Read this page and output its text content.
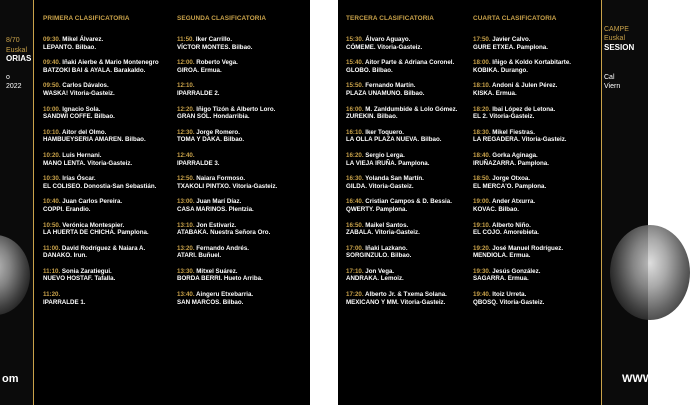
8/70
Euskal
ORIAS
o
2022
om
PRIMERA CLASIFICATORIA
09:30. Mikel Álvarez.
LEPANTO. Bilbao.
09:40. Iñaki Aierbe & Mario Montenegro
BATZOKI BAI & AYALA. Barakaldo.
09:50. Carlos Dávalos.
WASKA! Vitoria-Gasteiz.
10:00. Ignacio Sola.
SANDWI COFFE. Bilbao.
10:10. Aitor del Olmo.
HAMBUEYSERIA AMAREN. Bilbao.
10:20. Luis Hernani.
MANO LENTA. Vitoria-Gasteiz.
10:30. Irías Óscar.
EL COLISEO. Donostia-San Sebastián.
10:40. Juan Carlos Pereira.
COPPI. Erandio.
10:50. Verónica Montespier.
LA HUERTA DE CHICHA. Pamplona.
11:00. David Rodríguez & Naiara A.
DANAKO. Irun.
11:10. Sonia Zaratiegui.
NUEVO HOSTAF. Tafalla.
11:20.
IPARRALDE 1.
SEGUNDA CLASIFICATORIA
11:50. Iker Carrillo.
VÍCTOR MONTES. Bilbao.
12:00. Roberto Vega.
GIROA. Ermua.
12:10.
IPARRALDE 2.
12:20. Iñigo Tizón & Alberto Loro.
GRAN SOL. Hondarribia.
12:30. Jorge Romero.
TOMA Y DAKA. Bilbao.
12:40.
IPARRALDE 3.
12:50. Naiara Formoso.
TXAKOLI PINTXO. Vitoria-Gasteiz.
13:00. Juan Marí Díaz.
CASA MARINOS. Plentzia.
13:10. Jon Estivariz.
ATABAKA. Nuestra Señora Oro.
13:20. Fernando Andrés.
ATARI. Buñuel.
13:30. Mitxel Suárez.
BORDA BERRI. Hueto Arriba.
13:40. Aingeru Etxebarria.
SAN MARCOS. Bilbao.
TERCERA CLASIFICATORIA
15:30. Álvaro Aguayo.
CÓMEME. Vitoria-Gasteiz.
15:40. Aitor Parte & Adriana Coronel.
GLOBO. Bilbao.
15:50. Fernando Martín.
PLAZA UNAMUNO. Bilbao.
16:00. M. Zanldumbide & Lolo Gómez.
ZUREKIN. Bilbao.
16:10. Iker Toquero.
LA OLLA PLAZA NUEVA. Bilbao.
16:20. Sergio Lerga.
LA VIEJA IRUÑA. Pamplona.
16:30. Yolanda San Martín.
GILDA. Vitoria-Gasteiz.
16:40. Cristian Campos & D. Bessia.
QWERTY. Pamplona.
16:50. Maikel Santos.
ZABALA. Vitoria-Gasteiz.
17:00. Iñaki Lazkano.
SORGINZULO. Bilbao.
17:10. Jon Vega.
ANDRAKA. Lemoiz.
17:20. Alberto Jr. & Txema Solana.
MEXICANO Y MM. Vitoria-Gasteiz.
CUARTA CLASIFICATORIA
17:50. Javier Calvo.
GURE ETXEA. Pamplona.
18:00. Iñigo & Koldo Kortabitarte.
KOBIKA. Durango.
18:10. Andoni & Julen Pérez.
KISKA. Ermua.
18:20. Ibai López de Letona.
EL 2. Vitoria-Gasteiz.
18:30. Mikel Fiestras.
LA REGADERA. Vitoria-Gasteiz.
18:40. Gorka Aginaga.
IRUÑAZARRA. Pamplona.
18:50. Jorge Otxoa.
EL MERCA'O. Pamplona.
19:00. Ander Atxurra.
KOVAC. Bilbao.
19:10. Alberto Niño.
EL COJO. Amorebieta.
19:20. José Manuel Rodríguez.
MENDIOLA. Ermua.
19:30. Jesús González.
SAGARRA. Ermua.
19:40. Itoiz Urreta.
QBOSQ. Vitoria-Gasteiz.
CAMPE
Euskal
SESION
Cal
Viern
WWW.
